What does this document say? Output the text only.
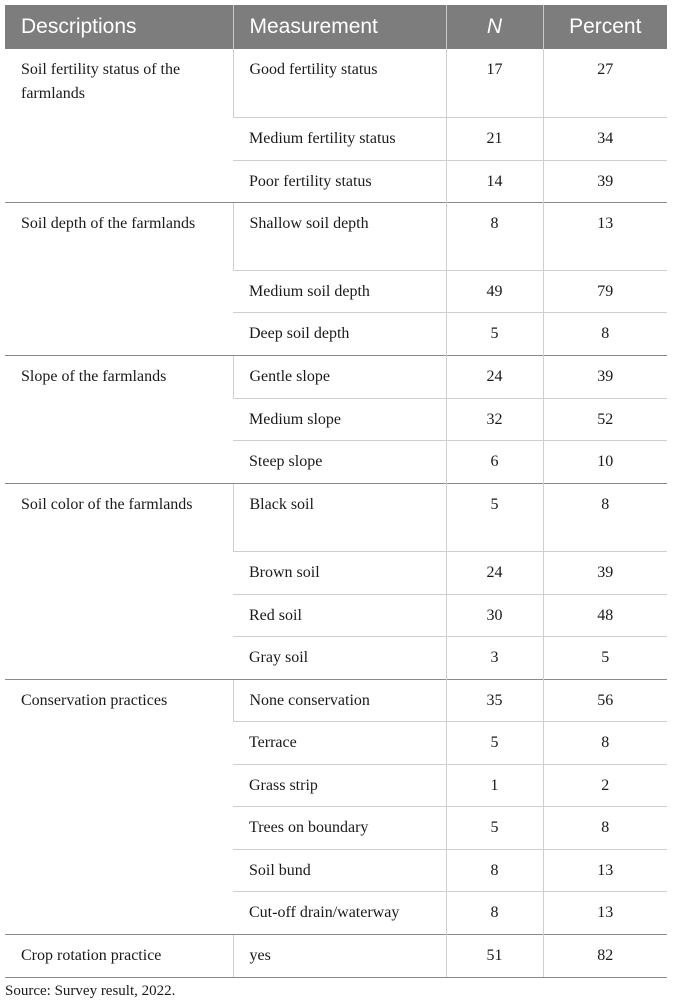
Descriptions	Measurement	N	Percent
Soil fertility status of the farmlands	Good fertility status	17	27
	Medium fertility status	21	34
	Poor fertility status	14	39
Soil depth of the farmlands	Shallow soil depth	8	13
	Medium soil depth	49	79
	Deep soil depth	5	8
Slope of the farmlands	Gentle slope	24	39
	Medium slope	32	52
	Steep slope	6	10
Soil color of the farmlands	Black soil	5	8
	Brown soil	24	39
	Red soil	30	48
	Gray soil	3	5
Conservation practices	None conservation	35	56
	Terrace	5	8
	Grass strip	1	2
	Trees on boundary	5	8
	Soil bund	8	13
	Cut-off drain/waterway	8	13
Crop rotation practice	yes	51	82
Source: Survey result, 2022.
